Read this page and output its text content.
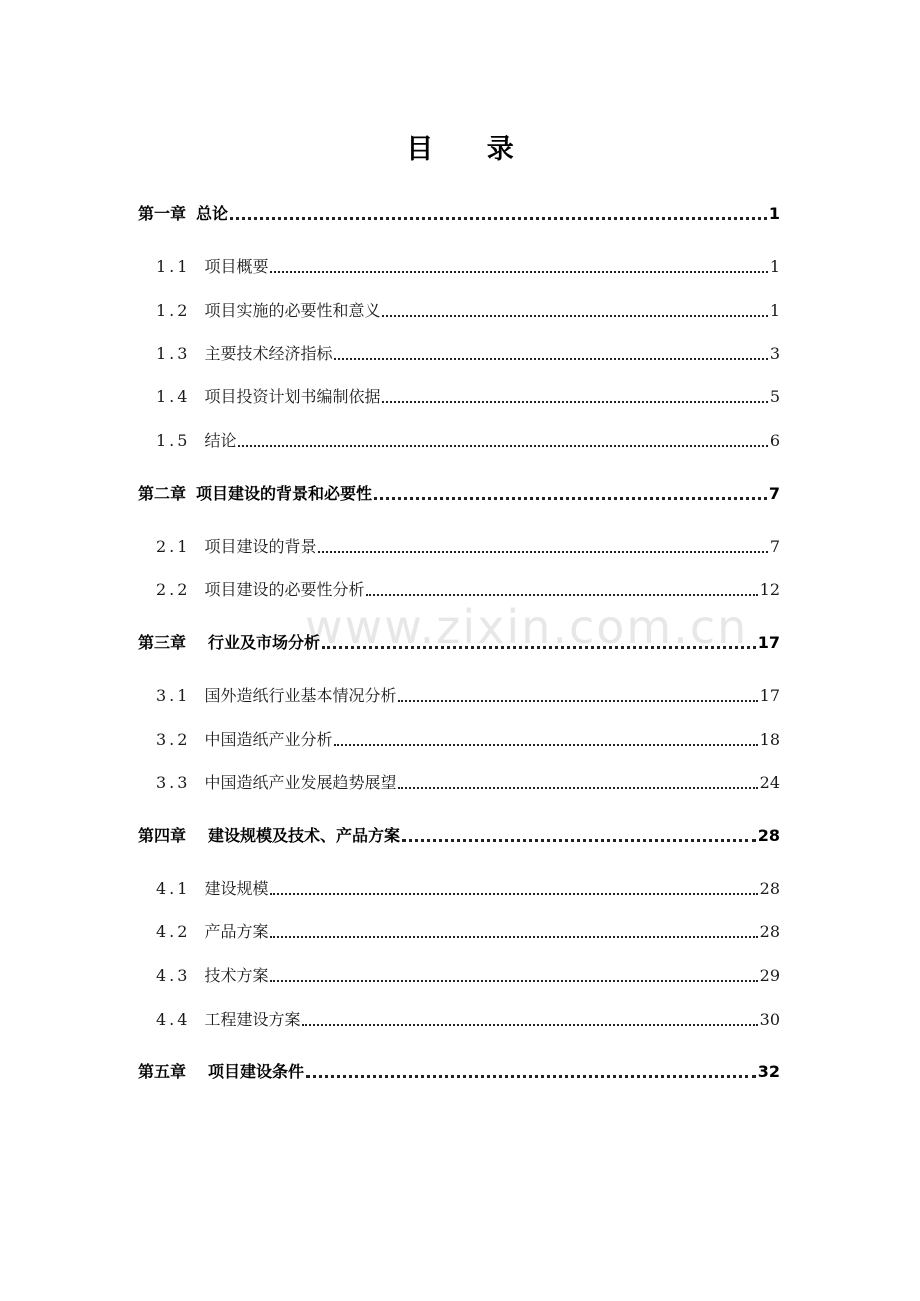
www.zixin.com.cn
目 录
第一章 总论	1
1.1 项目概要	1
1.2 项目实施的必要性和意义	1
1.3 主要技术经济指标	3
1.4 项目投资计划书编制依据	5
1.5 结论	6
第二章 项目建设的背景和必要性	7
2.1 项目建设的背景	7
2.2 项目建设的必要性分析	12
第三章 行业及市场分析	17
3.1 国外造纸行业基本情况分析	17
3.2 中国造纸产业分析	18
3.3 中国造纸产业发展趋势展望	24
第四章 建设规模及技术、产品方案	28
4.1 建设规模	28
4.2 产品方案	28
4.3 技术方案	29
4.4 工程建设方案	30
第五章 项目建设条件	32
